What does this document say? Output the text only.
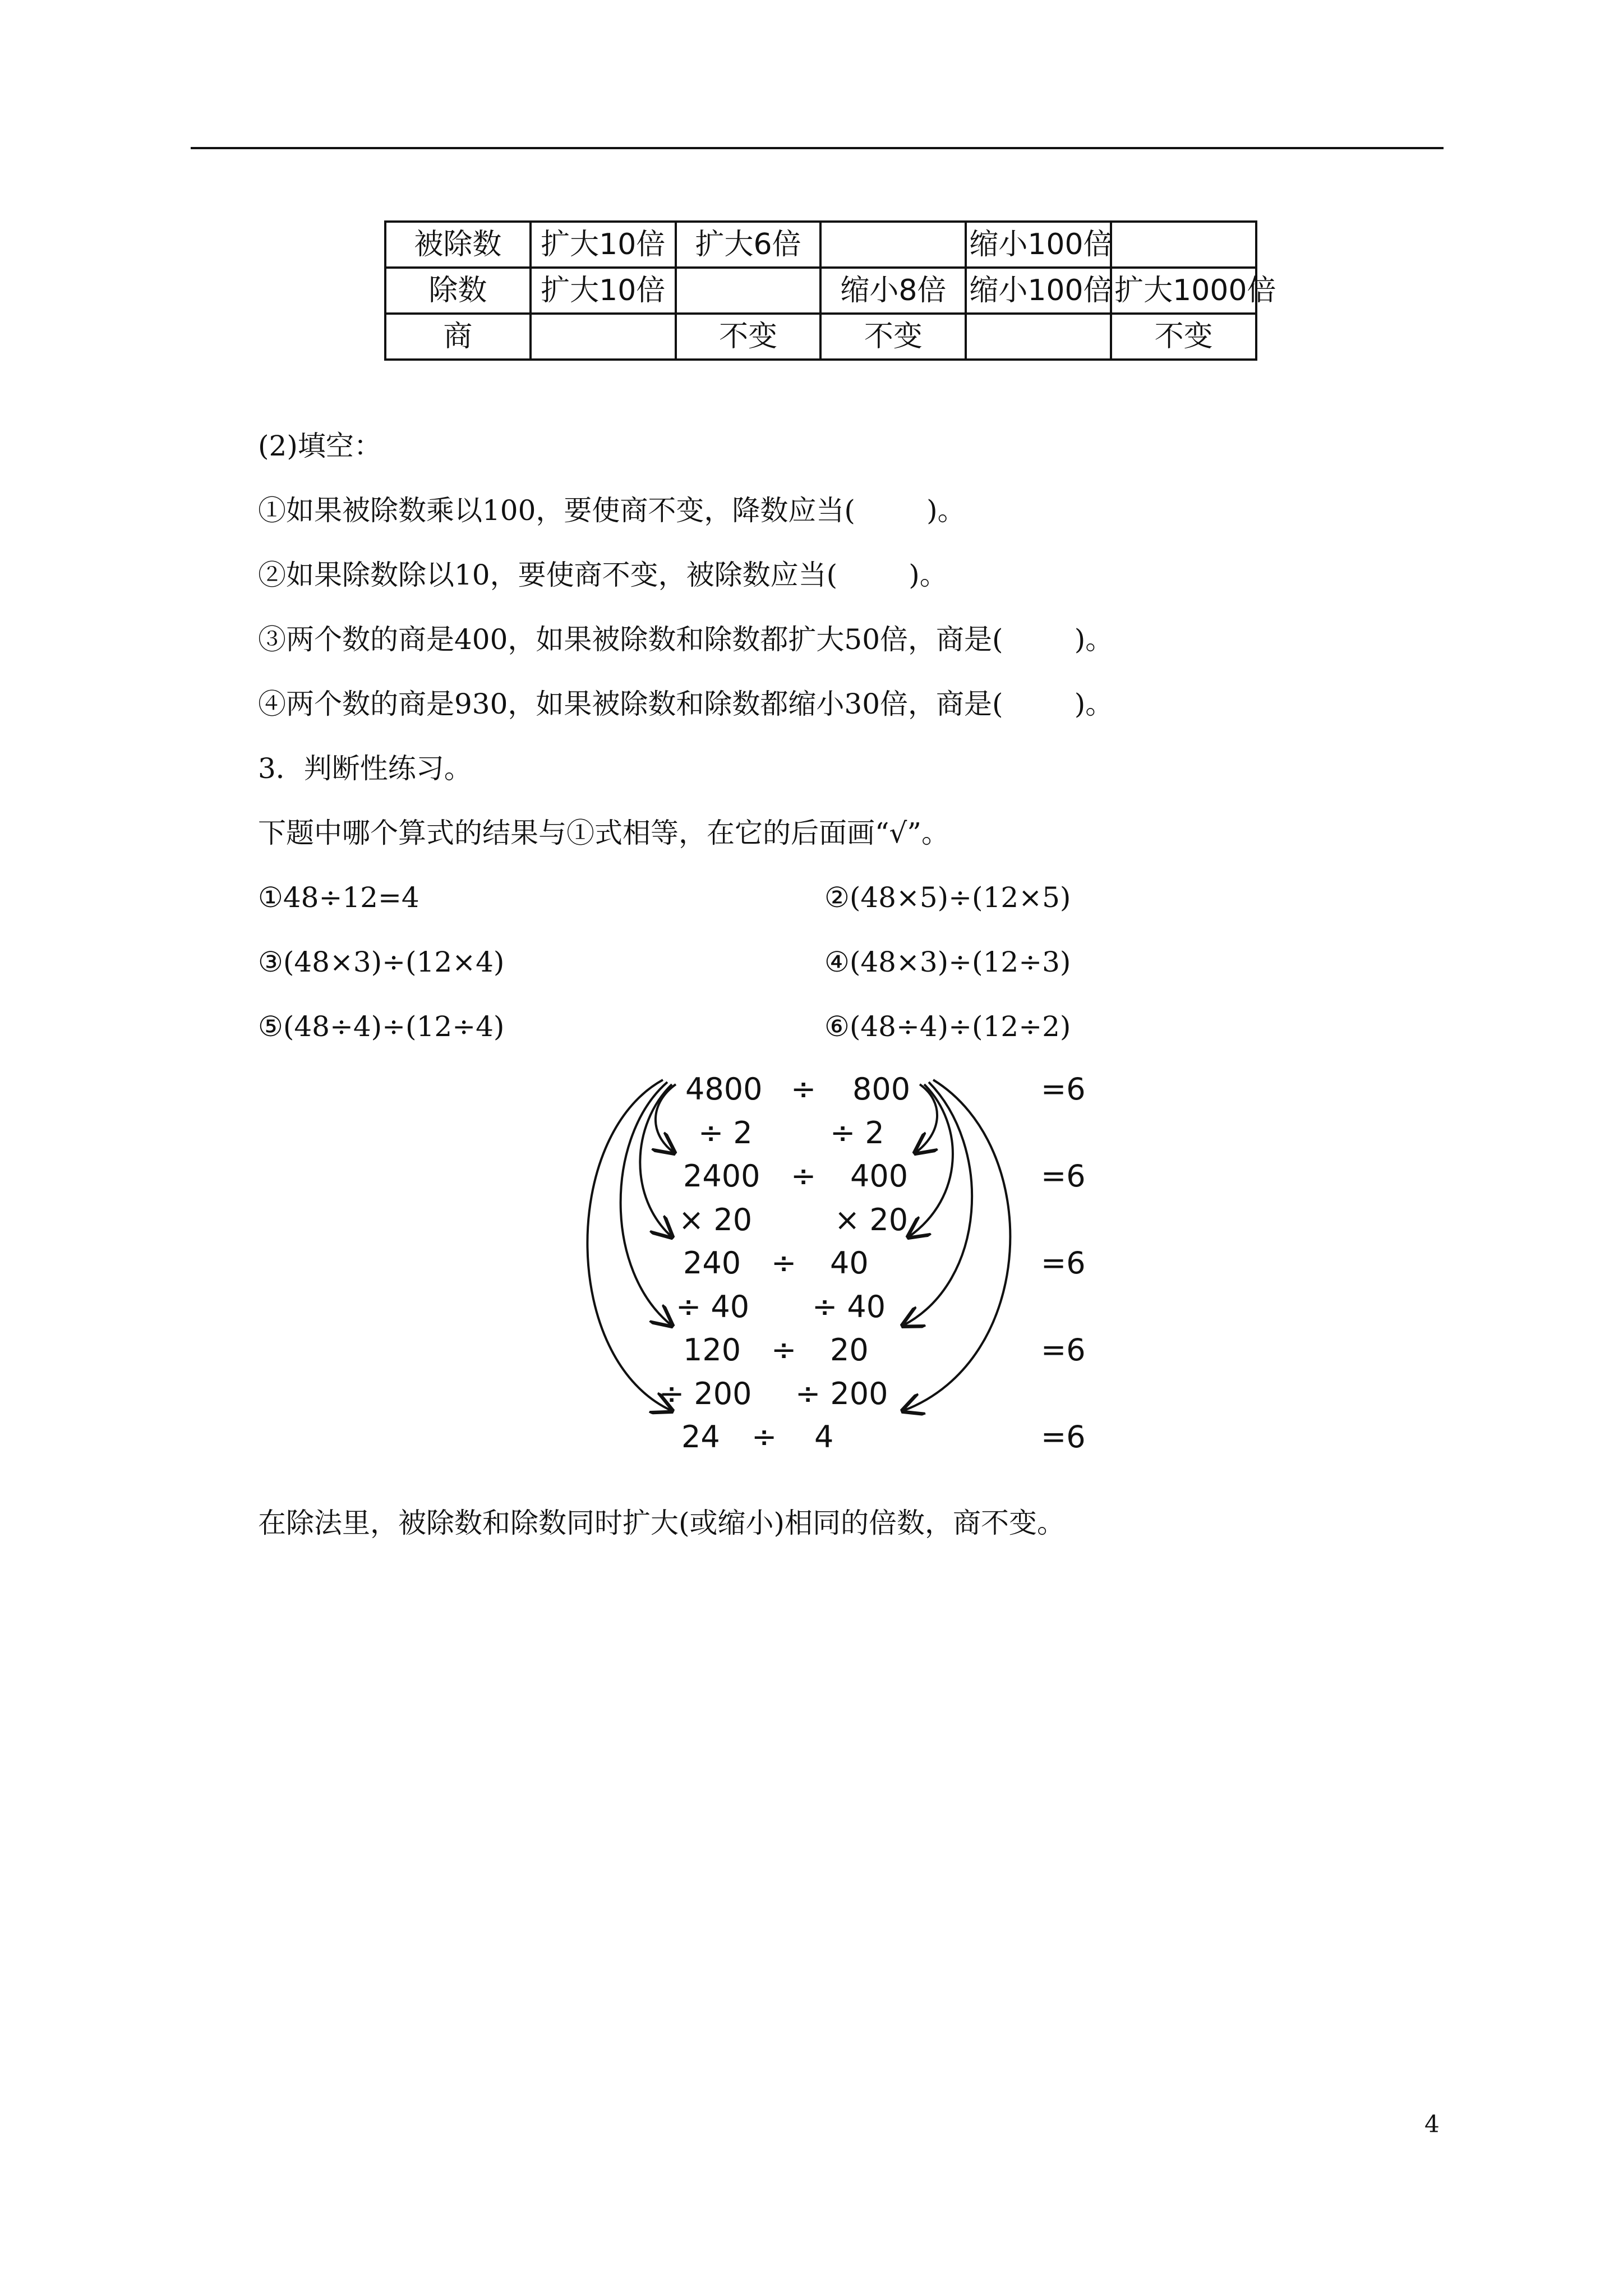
被除数	扩大10倍	扩大6倍		缩小100倍	
除数	扩大10倍		缩小8倍	缩小100倍	扩大1000倍
商		不变	不变		不变
(2)填空：
①如果被除数乘以100，要使商不变，降数应当(        )。
②如果除数除以10，要使商不变，被除数应当(        )。
③两个数的商是400，如果被除数和除数都扩大50倍，商是(        )。
④两个数的商是930，如果被除数和除数都缩小30倍，商是(        )。
3．判断性练习。
下题中哪个算式的结果与①式相等，在它的后面画“√”。
①48÷12=4	②(48×5)÷(12×5)
③(48×3)÷(12×4)	④(48×3)÷(12÷3)
⑤(48÷4)÷(12÷4)	⑥(48÷4)÷(12÷2)
4800 ÷ 800	=6
÷ 2	÷ 2
2400 ÷ 400	=6
× 20	× 20
240 ÷ 40	=6
÷ 40 ÷ 40
120 ÷ 20	=6
÷ 200 ÷ 200
24 ÷ 4	=6
在除法里，被除数和除数同时扩大(或缩小)相同的倍数，商不变。
4
